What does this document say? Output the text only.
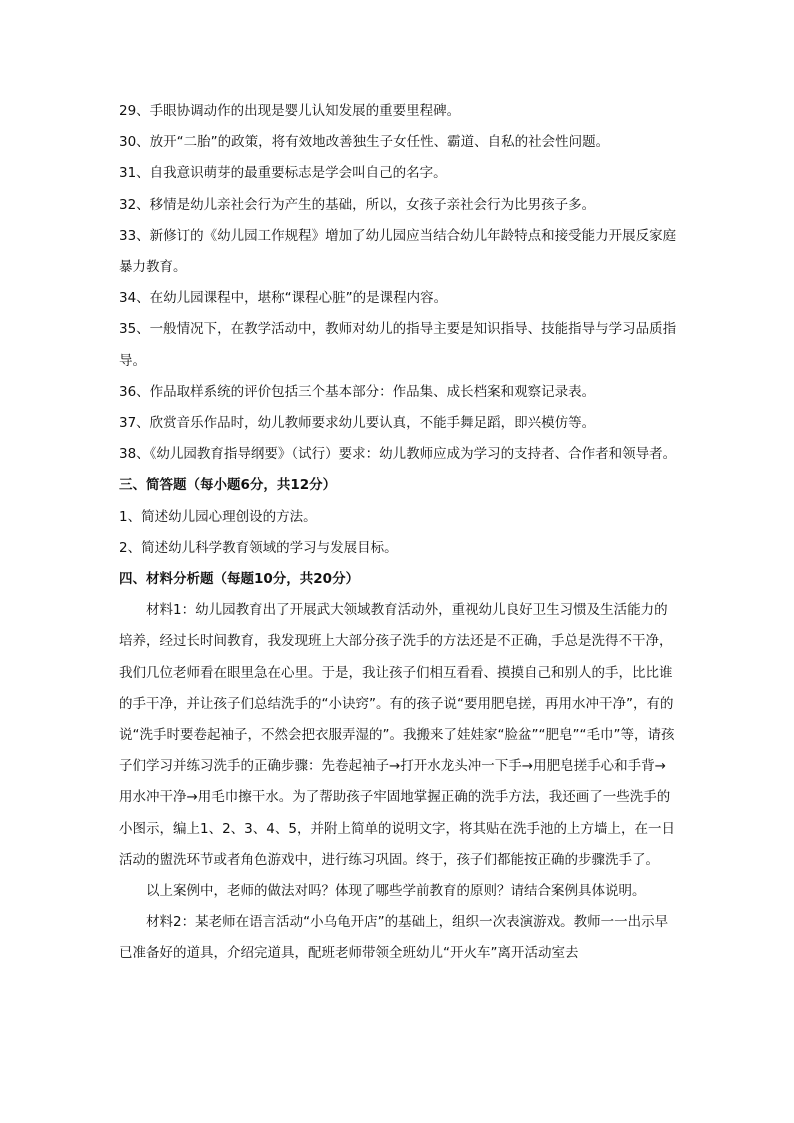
29、手眼协调动作的出现是婴儿认知发展的重要里程碑。

30、放开“二胎”的政策，将有效地改善独生子女任性、霸道、自私的社会性问题。

31、自我意识萌芽的最重要标志是学会叫自己的名字。

32、移情是幼儿亲社会行为产生的基础，所以，女孩子亲社会行为比男孩子多。

33、新修订的《幼儿园工作规程》增加了幼儿园应当结合幼儿年龄特点和接受能力开展反家庭暴力教育。

34、在幼儿园课程中，堪称“课程心脏”的是课程内容。

35、一般情况下，在教学活动中，教师对幼儿的指导主要是知识指导、技能指导与学习品质指导。

36、作品取样系统的评价包括三个基本部分：作品集、成长档案和观察记录表。

37、欣赏音乐作品时，幼儿教师要求幼儿要认真，不能手舞足蹈，即兴模仿等。

38、《幼儿园教育指导纲要》（试行）要求：幼儿教师应成为学习的支持者、合作者和领导者。

三、简答题（每小题6分，共12分）

1、简述幼儿园心理创设的方法。

2、简述幼儿科学教育领域的学习与发展目标。

四、材料分析题（每题10分，共20分）

材料1：幼儿园教育出了开展武大领域教育活动外，重视幼儿良好卫生习惯及生活能力的培养，经过长时间教育，我发现班上大部分孩子洗手的方法还是不正确，手总是洗得不干净，我们几位老师看在眼里急在心里。于是，我让孩子们相互看看、摸摸自己和别人的手，比比谁的手干净，并让孩子们总结洗手的“小诀窍”。有的孩子说“要用肥皂搓，再用水冲干净”，有的说“洗手时要卷起袖子，不然会把衣服弄湿的”。我搬来了娃娃家“脸盆”“肥皂”“毛巾”等，请孩子们学习并练习洗手的正确步骤：先卷起袖子→打开水龙头冲一下手→用肥皂搓手心和手背→用水冲干净→用毛巾擦干水。为了帮助孩子牢固地掌握正确的洗手方法，我还画了一些洗手的小图示，编上1、2、3、4、5，并附上简单的说明文字，将其贴在洗手池的上方墙上，在一日活动的盥洗环节或者角色游戏中，进行练习巩固。终于，孩子们都能按正确的步骤洗手了。

以上案例中，老师的做法对吗？体现了哪些学前教育的原则？请结合案例具体说明。

材料2：某老师在语言活动“小乌龟开店”的基础上，组织一次表演游戏。教师一一出示早已准备好的道具，介绍完道具，配班老师带领全班幼儿“开火车”离开活动室去
